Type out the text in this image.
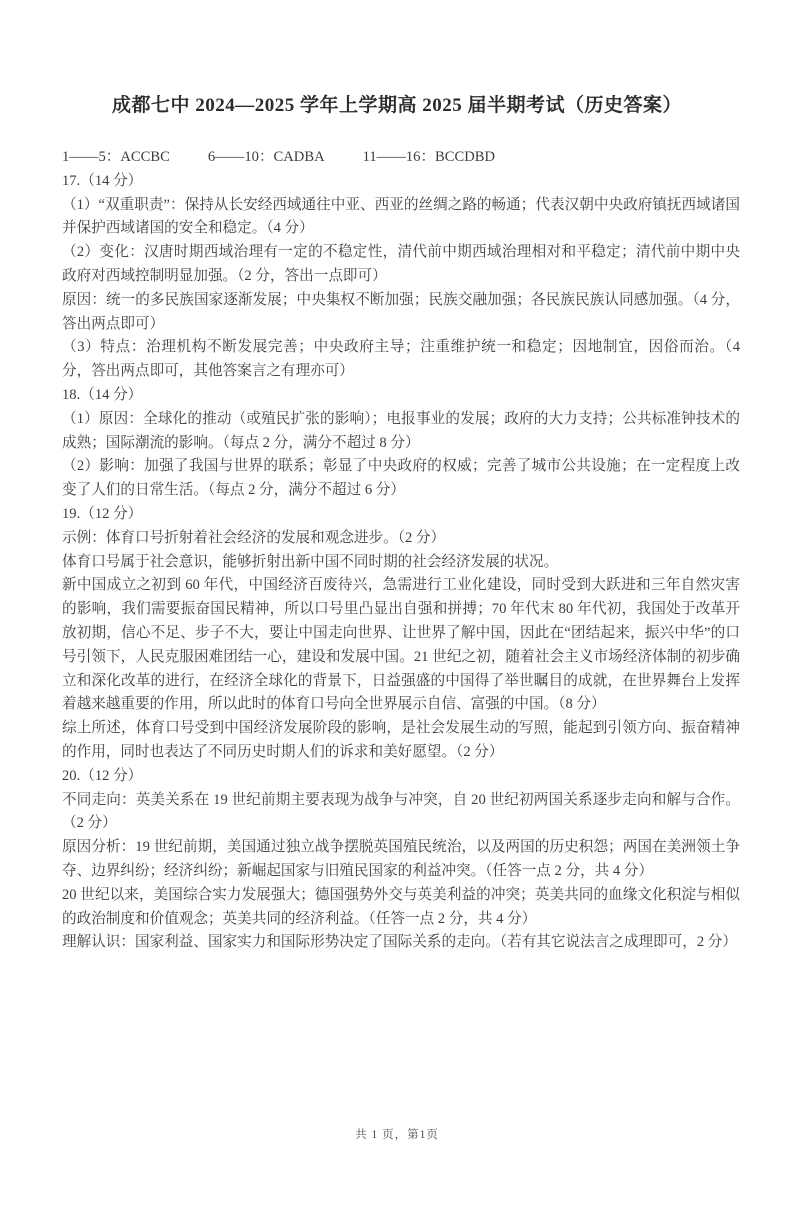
成都七中 2024—2025 学年上学期高 2025 届半期考试（历史答案）
1——5：ACCBC	6——10：CADBA	11——16：BCCDBD

17.（14 分）

（1）“双重职责”：保持从长安经西域通往中亚、西亚的丝绸之路的畅通；代表汉朝中央政府镇抚西域诸国并保护西域诸国的安全和稳定。（4 分）

（2）变化：汉唐时期西域治理有一定的不稳定性，清代前中期西域治理相对和平稳定；清代前中期中央政府对西域控制明显加强。（2 分，答出一点即可）

原因：统一的多民族国家逐渐发展；中央集权不断加强；民族交融加强；各民族民族认同感加强。（4 分，答出两点即可）

（3）特点：治理机构不断发展完善；中央政府主导；注重维护统一和稳定；因地制宜，因俗而治。（4 分，答出两点即可，其他答案言之有理亦可）

18.（14 分）

（1）原因：全球化的推动（或殖民扩张的影响）；电报事业的发展；政府的大力支持；公共标准钟技术的成熟；国际潮流的影响。（每点 2 分，满分不超过 8 分）

（2）影响：加强了我国与世界的联系；彰显了中央政府的权威；完善了城市公共设施；在一定程度上改变了人们的日常生活。（每点 2 分，满分不超过 6 分）

19.（12 分）

示例：体育口号折射着社会经济的发展和观念进步。（2 分）

体育口号属于社会意识，能够折射出新中国不同时期的社会经济发展的状况。

新中国成立之初到 60 年代，中国经济百废待兴，急需进行工业化建设，同时受到大跃进和三年自然灾害的影响，我们需要振奋国民精神，所以口号里凸显出自强和拼搏；70 年代末 80 年代初，我国处于改革开放初期，信心不足、步子不大，要让中国走向世界、让世界了解中国，因此在“团结起来，振兴中华”的口号引领下，人民克服困难团结一心，建设和发展中国。21 世纪之初，随着社会主义市场经济体制的初步确立和深化改革的进行，在经济全球化的背景下，日益强盛的中国得了举世瞩目的成就，在世界舞台上发挥着越来越重要的作用，所以此时的体育口号向全世界展示自信、富强的中国。（8 分）

综上所述，体育口号受到中国经济发展阶段的影响，是社会发展生动的写照，能起到引领方向、振奋精神的作用，同时也表达了不同历史时期人们的诉求和美好愿望。（2 分）

20.（12 分）

不同走向：英美关系在 19 世纪前期主要表现为战争与冲突，自 20 世纪初两国关系逐步走向和解与合作。（2 分）

原因分析：19 世纪前期，美国通过独立战争摆脱英国殖民统治，以及两国的历史积怨；两国在美洲领土争夺、边界纠纷；经济纠纷；新崛起国家与旧殖民国家的利益冲突。（任答一点 2 分，共 4 分）

20 世纪以来，美国综合实力发展强大；德国强势外交与英美利益的冲突；英美共同的血缘文化积淀与相似的政治制度和价值观念；英美共同的经济利益。（任答一点 2 分，共 4 分）

理解认识：国家利益、国家实力和国际形势决定了国际关系的走向。（若有其它说法言之成理即可，2 分）

共 1 页，第1页
